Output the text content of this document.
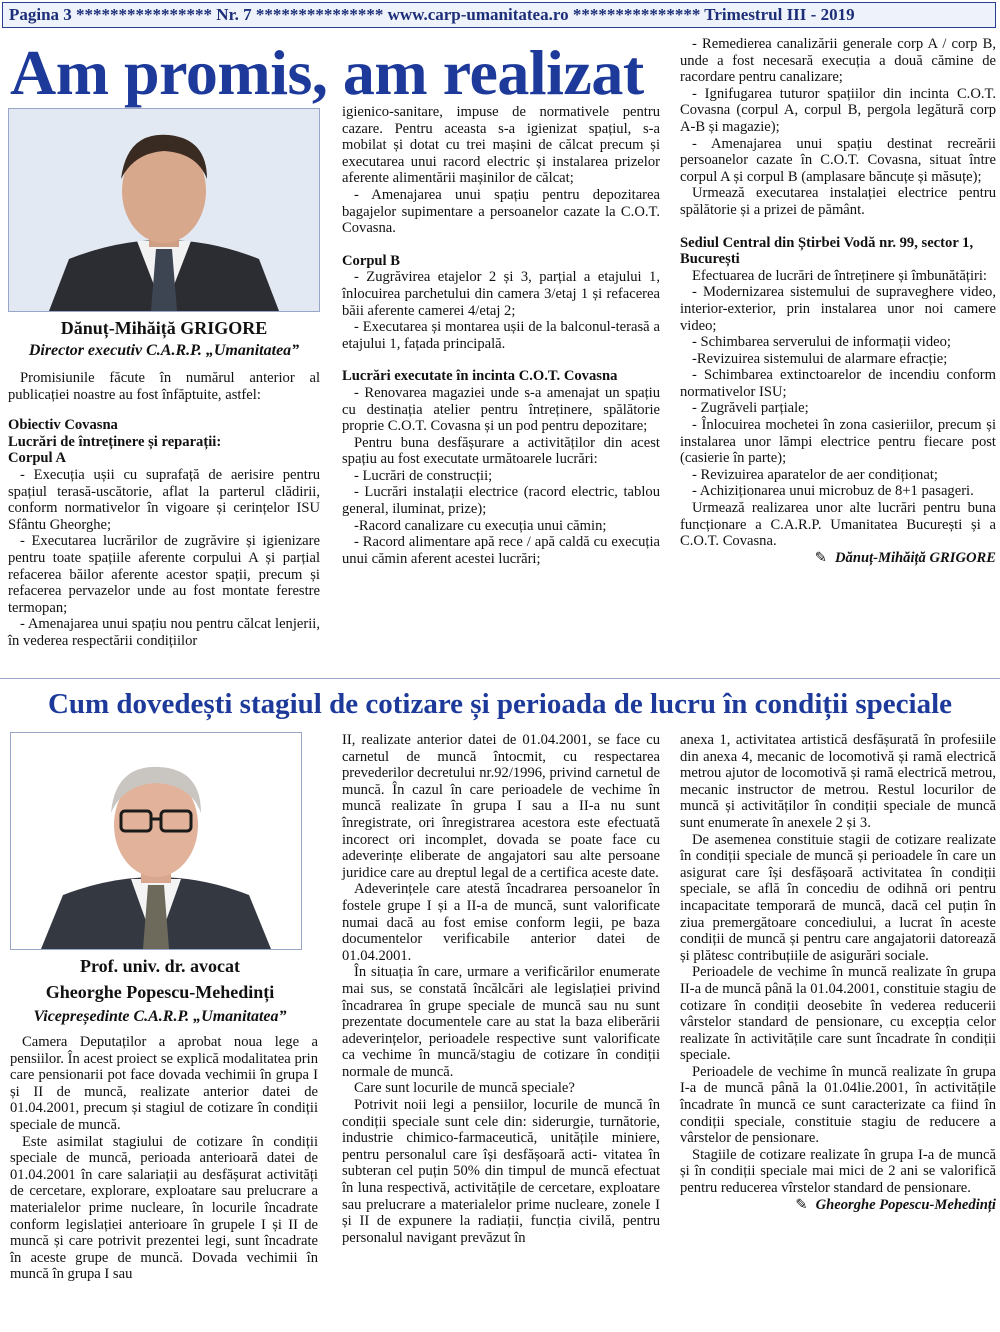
Pagina 3 **************** Nr. 7 *************** www.carp-umanitatea.ro *************** Trimestrul III - 2019
Am promis, am realizat
Dănuț-Mihăiță GRIGORE
Director executiv C.A.R.P. „Umanitatea”

Promisiunile făcute în numărul anterior al publicației noastre au fost înfăptuite, astfel:

Obiectiv Covasna
Lucrări de întreținere și reparații:
Corpul A

- Execuția ușii cu suprafață de aerisire pentru spațiul terasă-uscătorie, aflat la parterul clădirii, conform normativelor în vigoare și cerințelor ISU Sfântu Gheorghe;

- Executarea lucrărilor de zugrăvire și igienizare pentru toate spațiile aferente corpului A și parțial refacerea băilor aferente acestor spații, precum și refacerea pervazelor unde au fost montate ferestre termopan;

- Amenajarea unui spațiu nou pentru călcat lenjerii, în vederea respectării condițiilor

igienico-sanitare, impuse de normativele pentru cazare. Pentru aceasta s-a igienizat spațiul, s-a mobilat și dotat cu trei mașini de călcat precum și executarea unui racord electric și instalarea prizelor aferente alimentării mașinilor de călcat;

- Amenajarea unui spațiu pentru depozitarea bagajelor supimentare a persoanelor cazate la C.O.T. Covasna.

Corpul B

- Zugrăvirea etajelor 2 și 3, parțial a etajului 1, înlocuirea parchetului din camera 3/etaj 1 și refacerea băii aferente camerei 4/etaj 2;

- Executarea și montarea ușii de la balconul-terasă a etajului 1, fațada principală.

Lucrări executate în incinta C.O.T. Covasna

- Renovarea magaziei unde s-a amenajat un spațiu cu destinația atelier pentru întreținere, spălătorie proprie C.O.T. Covasna și un pod pentru depozitare;

Pentru buna desfășurare a activităților din acest spațiu au fost executate următoarele lucrări:

- Lucrări de construcții;

- Lucrări instalații electrice (racord electric, tablou general, iluminat, prize);

-Racord canalizare cu execuția unui cămin;

- Racord alimentare apă rece / apă caldă cu execuția unui cămin aferent acestei lucrări;

- Remedierea canalizării generale corp A / corp B, unde a fost necesară execuția a două cămine de racordare pentru canalizare;

- Ignifugarea tuturor spațiilor din incinta C.O.T. Covasna (corpul A, corpul B, pergola legătură corp A-B și magazie);

- Amenajarea unui spațiu destinat recreării persoanelor cazate în C.O.T. Covasna, situat între corpul A și corpul B (amplasare băncuțe și măsuțe);

Urmează executarea instalației electrice pentru spălătorie și a prizei de pământ.

Sediul Central din Știrbei Vodă nr. 99, sector 1, București

Efectuarea de lucrări de întreținere și îmbunătățiri:

- Modernizarea sistemului de supraveghere video, interior-exterior, prin instalarea unor noi camere video;

- Schimbarea serverului de informații video;

-Revizuirea sistemului de alarmare efracție;

- Schimbarea extinctoarelor de incendiu conform normativelor ISU;

- Zugrăveli parțiale;

- Înlocuirea mochetei în zona casieriilor, precum și instalarea unor lămpi electrice pentru fiecare post (casierie în parte);

- Revizuirea aparatelor de aer condiționat;

- Achiziționarea unui microbuz de 8+1 pasageri.

Urmează realizarea unor alte lucrări pentru buna funcționare a C.A.R.P. Umanitatea București și a C.O.T. Covasna.

✎ Dănuț-Mihăiță GRIGORE
Cum dovedești stagiul de cotizare și perioada de lucru în condiții speciale
Prof. univ. dr. avocat
Gheorghe Popescu-Mehedinți
Vicepreședinte C.A.R.P. „Umanitatea”

Camera Deputaților a aprobat noua lege a pensiilor. În acest proiect se explică modalitatea prin care pensionarii pot face dovada vechimii în grupa I și II de muncă, realizate anterior datei de 01.04.2001, precum și stagiul de cotizare în condiții speciale de muncă.

Este asimilat stagiului de cotizare în condiții speciale de muncă, perioada anterioară datei de 01.04.2001 în care salariații au desfășurat activități de cercetare, explorare, exploatare sau prelucrare a materialelor prime nucleare, în locurile încadrate conform legislației anterioare în grupele I și II de muncă și care potrivit prezentei legi, sunt încadrate în aceste grupe de muncă. Dovada vechimii în muncă în grupa I sau

II, realizate anterior datei de 01.04.2001, se face cu carnetul de muncă întocmit, cu respectarea prevederilor decretului nr.92/1996, privind carnetul de muncă. În cazul în care perioadele de vechime în muncă realizate în grupa I sau a II-a nu sunt înregistrate, ori înregistrarea acestora este efectuată incorect ori incomplet, dovada se poate face cu adeverințe eliberate de angajatori sau alte persoane juridice care au dreptul legal de a certifica aceste date.

Adeverințele care atestă încadrarea persoanelor în fostele grupe I și a II-a de muncă, sunt valorificate numai dacă au fost emise conform legii, pe baza documentelor verificabile anterior datei de 01.04.2001.

În situația în care, urmare a verificărilor enumerate mai sus, se constată încălcări ale legislației privind încadrarea în grupe speciale de muncă sau nu sunt prezentate documentele care au stat la baza eliberării adeverințelor, perioadele respective sunt valorificate ca vechime în muncă/stagiu de cotizare în condiții normale de muncă.

Care sunt locurile de muncă speciale?

Potrivit noii legi a pensiilor, locurile de muncă în condiții speciale sunt cele din: siderurgie, turnătorie, industrie chimico-farmaceutică, unitățile miniere, pentru personalul care își desfășoară acti- vitatea în subteran cel puțin 50% din timpul de muncă efectuat în luna respectivă, activitățile de cercetare, exploatare sau prelucrare a materialelor prime nucleare, zonele I și II de expunere la radiații, funcția civilă, pentru personalul navigant prevăzut în

anexa 1, activitatea artistică desfășurată în profesiile din anexa 4, mecanic de locomotivă și ramă electrică metrou ajutor de locomotivă și ramă electrică metrou, mecanic instructor de metrou. Restul locurilor de muncă și activităților în condiții speciale de muncă sunt enumerate în anexele 2 și 3.

De asemenea constituie stagii de cotizare realizate în condiții speciale de muncă și perioadele în care un asigurat care își desfășoară activitatea în condiții speciale, se află în concediu de odihnă ori pentru incapacitate temporară de muncă, dacă cel puțin în ziua premergătoare concediului, a lucrat în aceste condiții de muncă și pentru care angajatorii datorează și plătesc contribuțiile de asigurări sociale.

Perioadele de vechime în muncă realizate în grupa II-a de muncă până la 01.04.2001, constituie stagiu de cotizare în condiții deosebite în vederea reducerii vârstelor standard de pensionare, cu excepția celor realizate în activitățile care sunt încadrate în condiții speciale.

Perioadele de vechime în muncă realizate în grupa I-a de muncă până la 01.04lie.2001, în activitățile încadrate în muncă ce sunt caracterizate ca fiind în condiții speciale, constituie stagiu de reducere a vârstelor de pensionare.

Stagiile de cotizare realizate în grupa I-a de muncă și în condiții speciale mai mici de 2 ani se valorifică pentru reducerea vîrstelor standard de pensionare.

✎ Gheorghe Popescu-Mehedinți
